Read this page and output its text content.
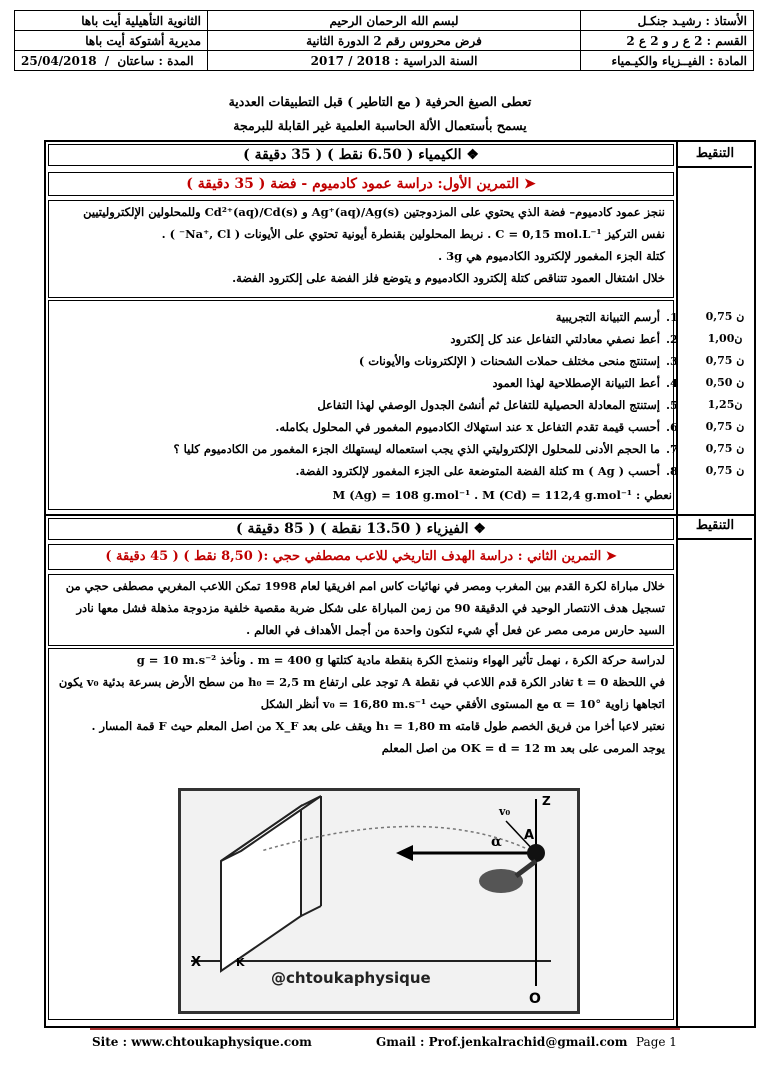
الثانوية التأهيلية أيت باها	لبسم الله الرحمان الرحيم	الأستاذ : رشيـد جنكـل
مديرية أشتوكة أيت باها	فرض محروس رقم 2 الدورة الثانية	القسم : 2 ع ر و 2 ع 2
25/04/2018 / المدة : ساعتان	السنة الدراسية : 2018 / 2017	المادة : الفيــزياء والكيـمياء
تعطى الصيغ الحرفية ( مع التاطير ) قبل التطبيقات العددية
يسمح بأستعمال الألة الحاسبة العلمية غير القابلة للبرمجة
التنقيط
❖ الكيمياء ( 6.50 نقط ) ( 35 دقيقة )
➤ التمرين الأول: دراسة عمود كادميوم - فضة ( 35 دقيقة )
ننجز عمود كادميوم– فضة الذي يحتوي على المزدوجتين Ag⁺(aq)/Ag(s) و Cd²⁺(aq)/Cd(s) وللمحلولين الإلكتروليتيين نفس التركيز C = 0,15 mol.L⁻¹ . نربط المحلولين بقنطرة أيونية تحتوي على الأيونات ( Na⁺, Cl⁻ ) .
كتلة الجزء المغمور لإلكترود الكادميوم هي 3g .
خلال اشتغال العمود تتناقص كتلة إلكترود الكادميوم و يتوضع فلز الفضة على إلكترود الفضة.
1.أرسم التبيانة التجريبية	0,75 ن
2.أعط نصفي معادلتي التفاعل عند كل إلكترود	1,00ن
3.إستنتج منحى مختلف حملات الشحنات ( الإلكترونات والأيونات )	0,75 ن
4.أعط التبيانة الإصطلاحية لهذا العمود	0,50 ن
5.إستنتج المعادلة الحصيلية للتفاعل ثم أنشئ الجدول الوصفي لهذا التفاعل	1,25ن
6.أحسب قيمة تقدم التفاعل x عند استهلاك الكادميوم المغمور في المحلول بكامله.	0,75 ن
7.ما الحجم الأدنى للمحلول الإلكتروليتي الذي يجب استعماله ليستهلك الجزء المغمور من الكادميوم كليا ؟	0,75 ن
8.أحسب m ( Ag ) كتلة الفضة المتوضعة على الجزء المغمور لإلكترود الفضة.	0,75 ن
نعطي : M (Ag) = 108 g.mol⁻¹ . M (Cd) = 112,4 g.mol⁻¹
التنقيط
❖ الفيزياء ( 13.50 نقطة ) ( 85 دقيقة )
➤ التمرين الثاني : دراسة الهدف التاريخي للاعب مصطفي حجي :( 8,50 نقط ) ( 45 دقيقة )
خلال مباراة لكرة القدم بين المغرب ومصر في نهائيات كاس امم افريقيا لعام 1998 تمكن اللاعب المغربي مصطفى حجي من تسجيل هدف الانتصار الوحيد في الدقيقة 90 من زمن المباراة على شكل ضربة مقصية خلفية مزدوجة مذهلة فشل معها نادر السيد حارس مرمى مصر عن فعل أي شيء لتكون واحدة من أجمل الأهداف في العالم .
لدراسة حركة الكرة ، نهمل تأثير الهواء وننمذج الكرة بنقطة مادية كتلتها m = 400 g . ونأخذ g = 10 m.s⁻²
في اللحظة t = 0 تغادر الكرة قدم اللاعب في نقطة A توجد على ارتفاع h₀ = 2,5 m من سطح الأرض بسرعة بدئية v₀ يكون
اتجاهها زاوية α = 10° مع المستوى الأفقي حيث v₀ = 16,80 m.s⁻¹ أنظر الشكل
نعتبر لاعبا أخرا من فريق الخصم طول قامته h₁ = 1,80 m ويقف على بعد X_F من اصل المعلم حيث F قمة المسار .
يوجد المرمى على بعد OK = d = 12 m من اصل المعلم
X	K
Z
A
O
α
v₀
@chtoukaphysique
Site : www.chtoukaphysique.com	Gmail : Prof.jenkalrachid@gmail.com Page 1
